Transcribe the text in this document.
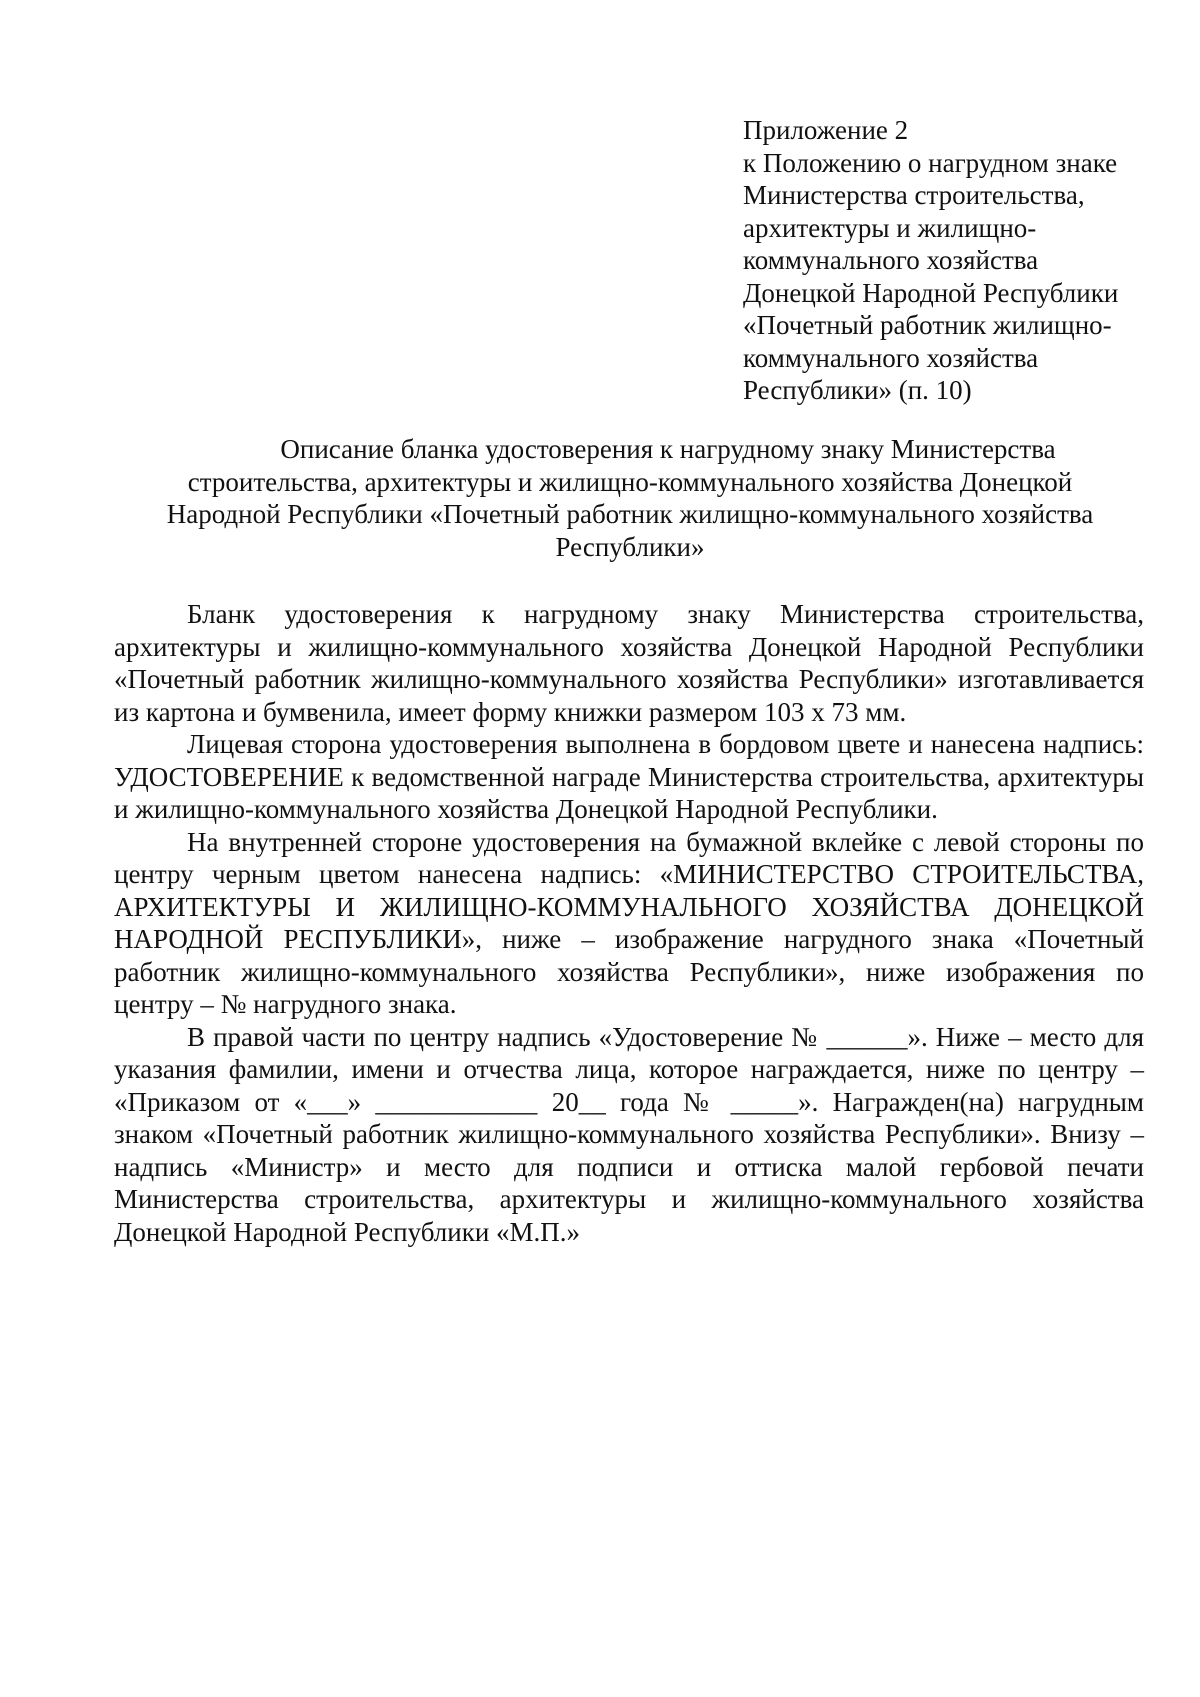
Приложение 2
к Положению о нагрудном знаке
Министерства строительства,
архитектуры и жилищно-
коммунального хозяйства
Донецкой Народной Республики
«Почетный работник жилищно-
коммунального хозяйства
Республики» (п. 10)
Описание бланка удостоверения к нагрудному знаку Министерства
строительства, архитектуры и жилищно-коммунального хозяйства Донецкой
Народной Республики «Почетный работник жилищно-коммунального хозяйства
Республики»

Бланк удостоверения к нагрудному знаку Министерства строительства, архитектуры и жилищно-коммунального хозяйства Донецкой Народной Республики «Почетный работник жилищно-коммунального хозяйства Республики» изготавливается из картона и бумвенила, имеет форму книжки размером 103 х 73 мм.

Лицевая сторона удостоверения выполнена в бордовом цвете и нанесена надпись: УДОСТОВЕРЕНИЕ к ведомственной награде Министерства строительства, архитектуры и жилищно-коммунального хозяйства Донецкой Народной Республики.

На внутренней стороне удостоверения на бумажной вклейке с левой стороны по центру черным цветом нанесена надпись: «МИНИСТЕРСТВО СТРОИТЕЛЬСТВА, АРХИТЕКТУРЫ И ЖИЛИЩНО-КОММУНАЛЬНОГО ХОЗЯЙСТВА ДОНЕЦКОЙ НАРОДНОЙ РЕСПУБЛИКИ», ниже – изображение нагрудного знака «Почетный работник жилищно-коммунального хозяйства Республики», ниже изображения по центру – № нагрудного знака.

В правой части по центру надпись «Удостоверение № ______». Ниже – место для указания фамилии, имени и отчества лица, которое награждается, ниже по центру – «Приказом от «___» ____________ 20__ года № _____». Награжден(на) нагрудным знаком «Почетный работник жилищно-коммунального хозяйства Республики». Внизу – надпись «Министр» и место для подписи и оттиска малой гербовой печати Министерства строительства, архитектуры и жилищно-коммунального хозяйства Донецкой Народной Республики «М.П.»
